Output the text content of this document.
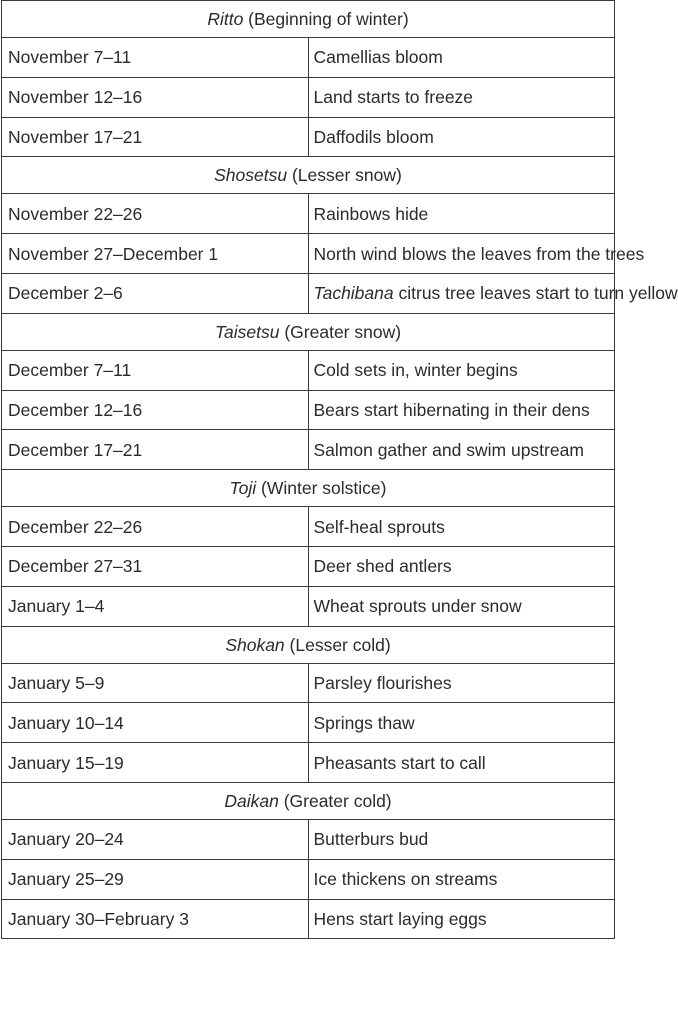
Ritto (Beginning of winter)	
November 7–11	Camellias bloom
November 12–16	Land starts to freeze
November 17–21	Daffodils bloom
Shosetsu (Lesser snow)	
November 22–26	Rainbows hide
November 27–December 1	North wind blows the leaves from the trees
December 2–6	Tachibana citrus tree leaves start to turn yellow
Taisetsu (Greater snow)	
December 7–11	Cold sets in, winter begins
December 12–16	Bears start hibernating in their dens
December 17–21	Salmon gather and swim upstream
Toji (Winter solstice)	
December 22–26	Self-heal sprouts
December 27–31	Deer shed antlers
January 1–4	Wheat sprouts under snow
Shokan (Lesser cold)	
January 5–9	Parsley flourishes
January 10–14	Springs thaw
January 15–19	Pheasants start to call
Daikan (Greater cold)	
January 20–24	Butterburs bud
January 25–29	Ice thickens on streams
January 30–February 3	Hens start laying eggs
